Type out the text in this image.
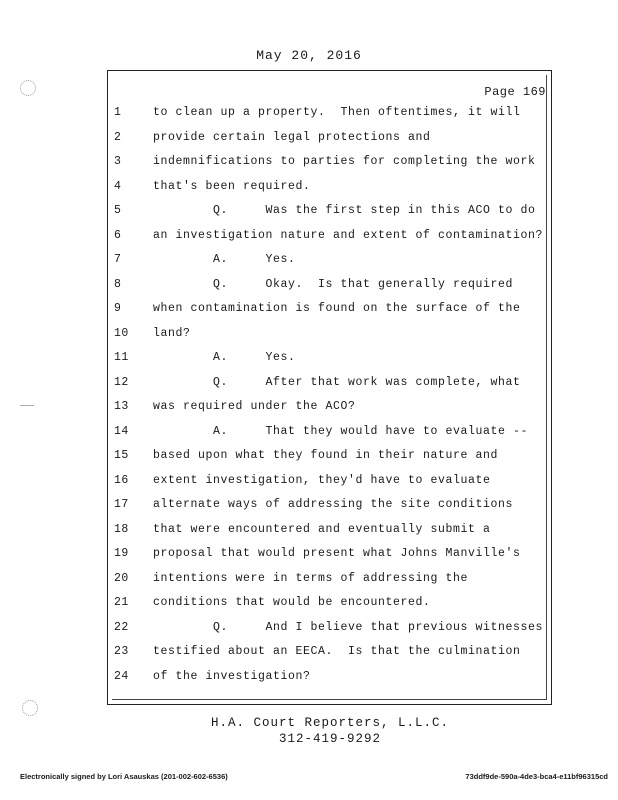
May 20, 2016
Page 169
1	to clean up a property.  Then oftentimes, it will
2	provide certain legal protections and
3	indemnifications to parties for completing the work
4	that's been required.
5	Q.     Was the first step in this ACO to do
6	an investigation nature and extent of contamination?
7	A.     Yes.
8	Q.     Okay.  Is that generally required
9	when contamination is found on the surface of the
10	land?
11	A.     Yes.
12	Q.     After that work was complete, what
13	was required under the ACO?
14	A.     That they would have to evaluate --
15	based upon what they found in their nature and
16	extent investigation, they'd have to evaluate
17	alternate ways of addressing the site conditions
18	that were encountered and eventually submit a
19	proposal that would present what Johns Manville's
20	intentions were in terms of addressing the
21	conditions that would be encountered.
22	Q.     And I believe that previous witnesses
23	testified about an EECA.  Is that the culmination
24	of the investigation?
H.A. Court Reporters, L.L.C.
312-419-9292
Electronically signed by Lori Asauskas (201-002-602-6536)	73ddf9de-590a-4de3-bca4-e11bf96315cd
